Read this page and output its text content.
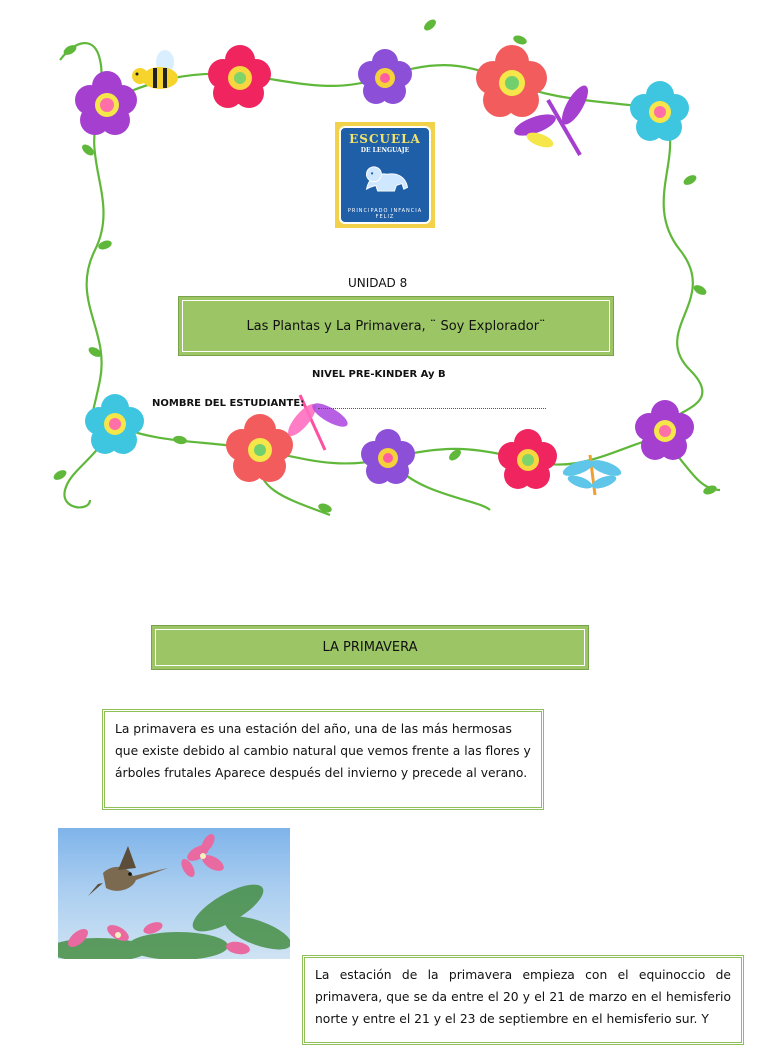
ESCUELA
DE LENGUAJE
PRINCIPADO INFANCIA FELIZ
UNIDAD 8
Las Plantas y La Primavera, ¨ Soy Explorador¨
NIVEL PRE-KINDER Ay B
NOMBRE DEL ESTUDIANTE:
LA PRIMAVERA
La primavera es una estación del año, una de las más hermosas que existe debido al cambio natural que vemos frente a las flores y árboles frutales Aparece después del invierno y precede al verano.
La estación de la primavera empieza con el equinoccio de primavera, que se da entre el 20 y el 21 de marzo en el hemisferio norte y entre el 21 y el 23 de septiembre en el hemisferio sur. Y
